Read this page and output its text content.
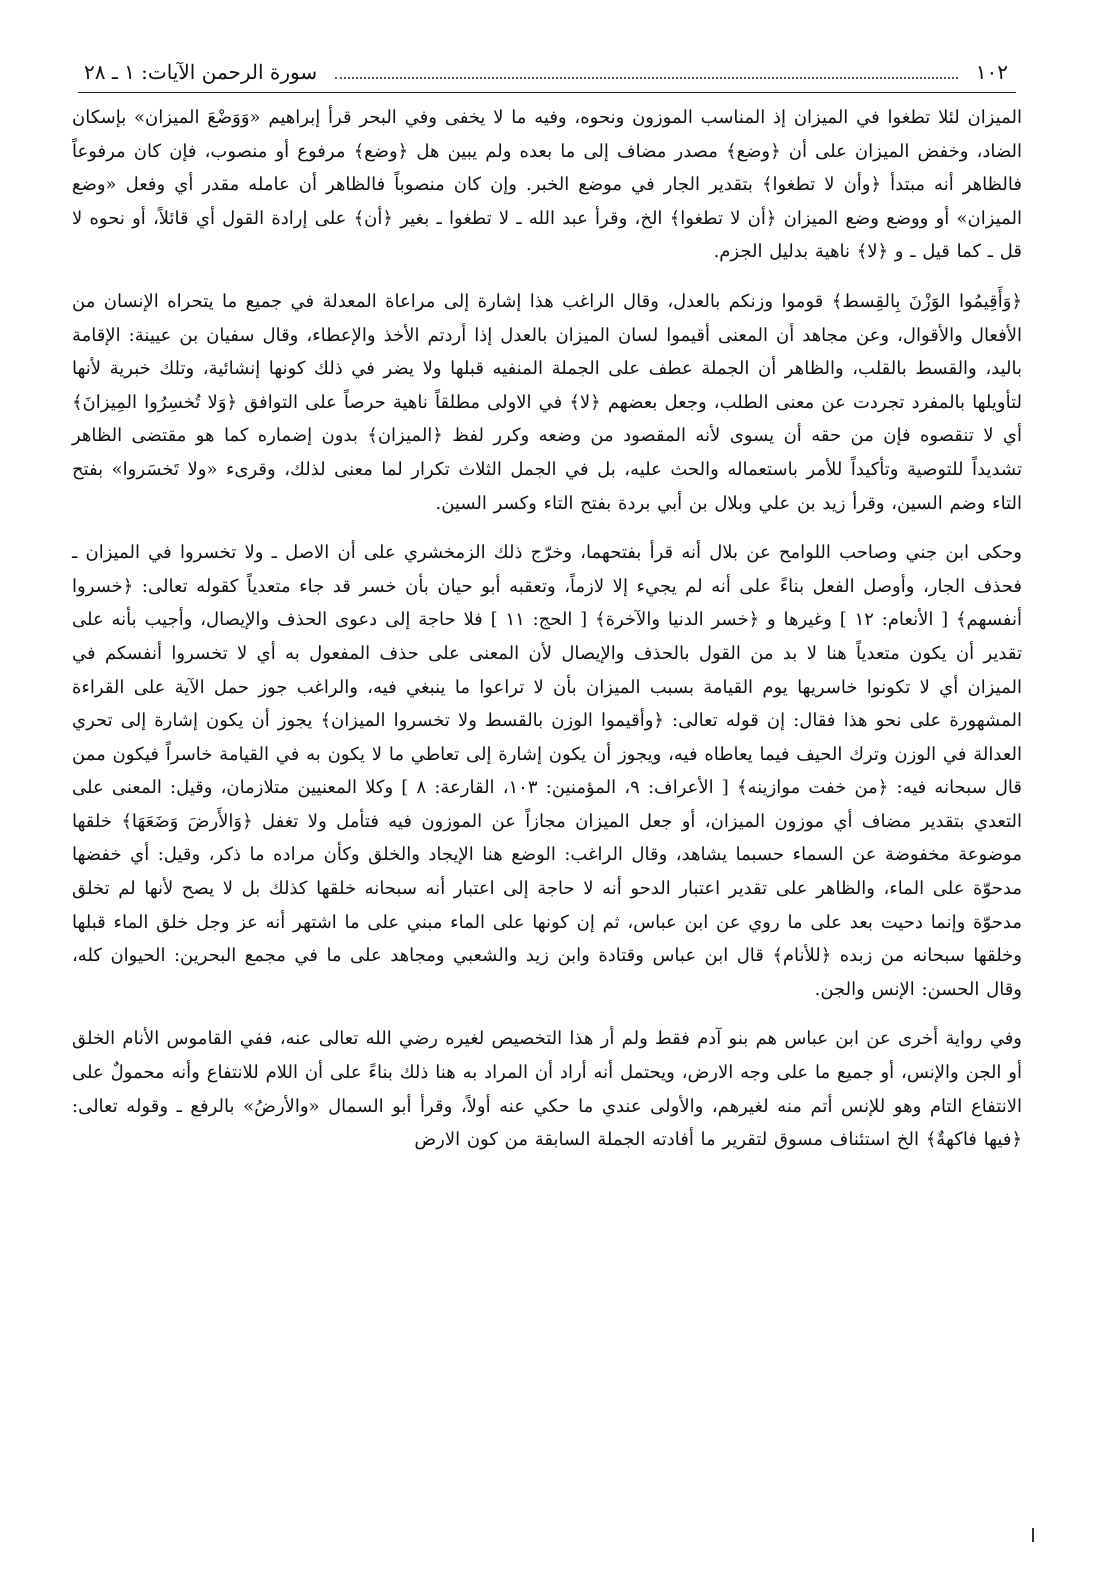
١٠٢
سورة الرحمن الآيات: ١ ـ ٢٨

الميزان لئلا تطغوا في الميزان إذ المناسب الموزون ونحوه، وفيه ما لا يخفى وفي البحر قرأ إبراهيم «وَوَضْعَ الميزان» بإسكان الضاد، وخفض الميزان على أن ﴿وضع﴾ مصدر مضاف إلى ما بعده ولم يبين هل ﴿وضع﴾ مرفوع أو منصوب، فإن كان مرفوعاً فالظاهر أنه مبتدأ ﴿وأن لا تطغوا﴾ بتقدير الجار في موضع الخبر. وإن كان منصوباً فالظاهر أن عامله مقدر أي وفعل «وضع الميزان» أو ووضع وضع الميزان ﴿أن لا تطغوا﴾ الخ، وقرأ عبد الله ـ لا تطغوا ـ بغير ﴿أن﴾ على إرادة القول أي قائلاً، أو نحوه لا قل ـ كما قيل ـ و ﴿لا﴾ ناهية بدليل الجزم.

﴿وَأَقِيمُوا الوَزْنَ بِالقِسط﴾ قوموا وزنكم بالعدل، وقال الراغب هذا إشارة إلى مراعاة المعدلة في جميع ما يتحراه الإنسان من الأفعال والأقوال، وعن مجاهد أن المعنى أقيموا لسان الميزان بالعدل إذا أردتم الأخذ والإعطاء، وقال سفيان بن عيينة: الإقامة باليد، والقسط بالقلب، والظاهر أن الجملة عطف على الجملة المنفيه قبلها ولا يضر في ذلك كونها إنشائية، وتلك خبرية لأنها لتأويلها بالمفرد تجردت عن معنى الطلب، وجعل بعضهم ﴿لا﴾ في الاولى مطلقاً ناهية حرصاً على التوافق ﴿وَلا تُخسِرُوا المِيزانَ﴾ أي لا تنقصوه فإن من حقه أن يسوى لأنه المقصود من وضعه وكرر لفظ ﴿الميزان﴾ بدون إضماره كما هو مقتضى الظاهر تشديداً للتوصية وتأكيداً للأمر باستعماله والحث عليه، بل في الجمل الثلاث تكرار لما معنى لذلك، وقرىء «ولا تَخسَروا» بفتح التاء وضم السين، وقرأ زيد بن علي وبلال بن أبي بردة بفتح التاء وكسر السين.

وحكى ابن جني وصاحب اللوامح عن بلال أنه قرأ بفتحهما، وخرّج ذلك الزمخشري على أن الاصل ـ ولا تخسروا في الميزان ـ فحذف الجار، وأوصل الفعل بناءً على أنه لم يجيء إلا لازماً، وتعقبه أبو حيان بأن خسر قد جاء متعدياً كقوله تعالى: ﴿خسروا أنفسهم﴾ [ الأنعام: ١٢ ] وغيرها و ﴿خسر الدنيا والآخرة﴾ [ الحج: ١١ ] فلا حاجة إلى دعوى الحذف والإيصال، وأجيب بأنه على تقدير أن يكون متعدياً هنا لا بد من القول بالحذف والإيصال لأن المعنى على حذف المفعول به أي لا تخسروا أنفسكم في الميزان أي لا تكونوا خاسريها يوم القيامة بسبب الميزان بأن لا تراعوا ما ينبغي فيه، والراغب جوز حمل الآية على القراءة المشهورة على نحو هذا فقال: إن قوله تعالى: ﴿وأقيموا الوزن بالقسط ولا تخسروا الميزان﴾ يجوز أن يكون إشارة إلى تحري العدالة في الوزن وترك الحيف فيما يعاطاه فيه، ويجوز أن يكون إشارة إلى تعاطي ما لا يكون به في القيامة خاسراً فيكون ممن قال سبحانه فيه: ﴿من خفت موازينه﴾ [ الأعراف: ٩، المؤمنين: ١٠٣، القارعة: ٨ ] وكلا المعنيين متلازمان، وقيل: المعنى على التعدي بتقدير مضاف أي موزون الميزان، أو جعل الميزان مجازاً عن الموزون فيه فتأمل ولا تغفل ﴿وَالأَرضَ وَضَعَهَا﴾ خلقها موضوعة مخفوضة عن السماء حسبما يشاهد، وقال الراغب: الوضع هنا الإيجاد والخلق وكأن مراده ما ذكر، وقيل: أي خفضها مدحوّة على الماء، والظاهر على تقدير اعتبار الدحو أنه لا حاجة إلى اعتبار أنه سبحانه خلقها كذلك بل لا يصح لأنها لم تخلق مدحوّة وإنما دحيت بعد على ما روي عن ابن عباس، ثم إن كونها على الماء مبني على ما اشتهر أنه عز وجل خلق الماء قبلها وخلقها سبحانه من زبده ﴿للأنام﴾ قال ابن عباس وقتادة وابن زيد والشعبي ومجاهد على ما في مجمع البحرين: الحيوان كله، وقال الحسن: الإنس والجن.

وفي رواية أخرى عن ابن عباس هم بنو آدم فقط ولم أر هذا التخصيص لغيره رضي الله تعالى عنه، ففي القاموس الأنام الخلق أو الجن والإنس، أو جميع ما على وجه الارض، ويحتمل أنه أراد أن المراد به هنا ذلك بناءً على أن اللام للانتفاع وأنه محمولٌ على الانتفاع التام وهو للإنس أتم منه لغيرهم، والأولى عندي ما حكي عنه أولاً، وقرأ أبو السمال «والأرضُ» بالرفع ـ وقوله تعالى: ﴿فيها فاكهةٌ﴾ الخ استئناف مسوق لتقرير ما أفادته الجملة السابقة من كون الارض
